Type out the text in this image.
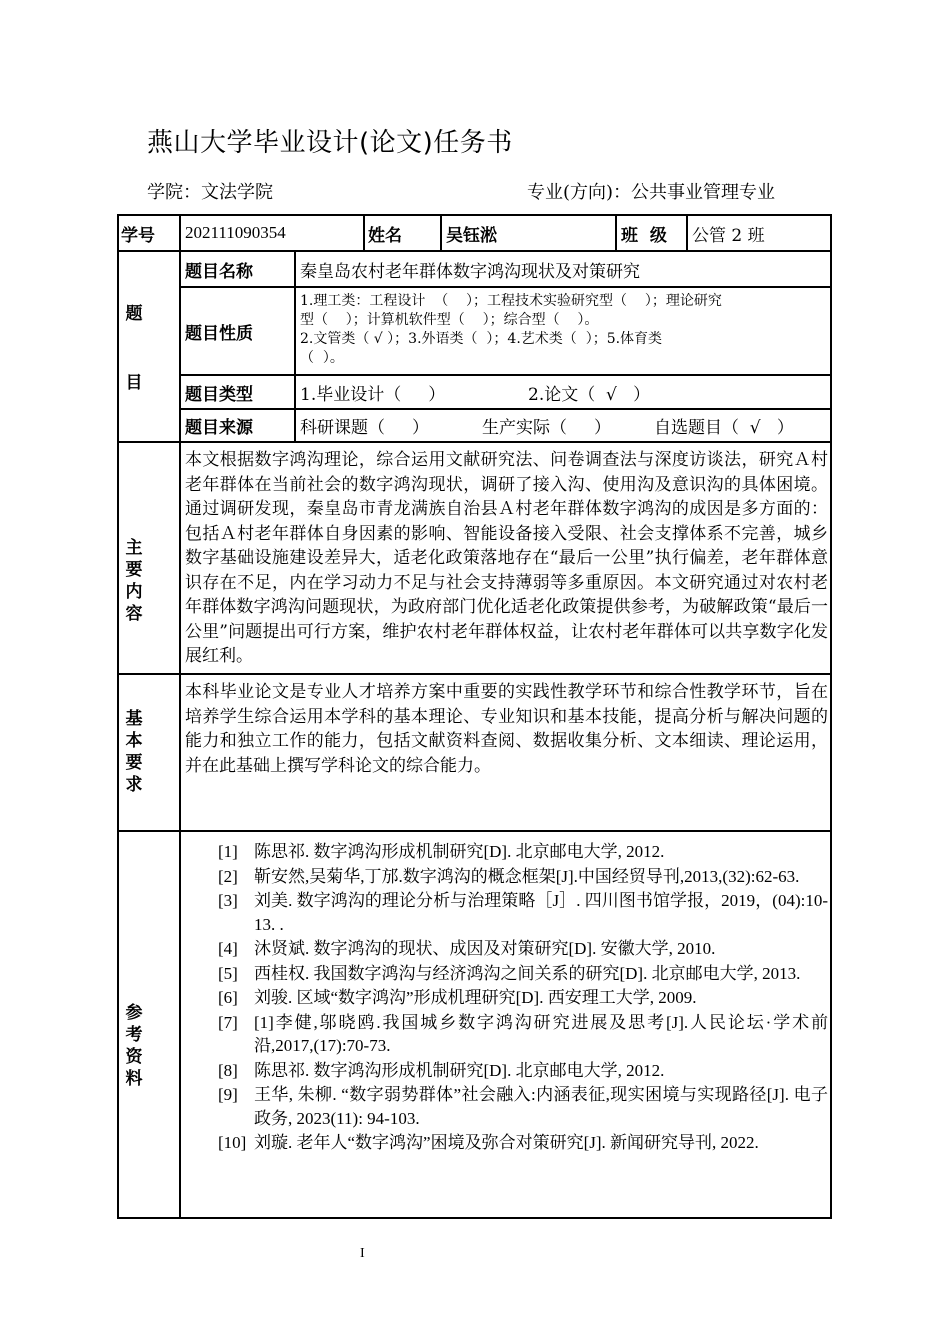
燕山大学毕业设计(论文)任务书
学院：文法学院	专业(方向)：公共事业管理专业
学号 202111090354	姓名	吴钰淞	班  级 公管 2 班
题
目
题目名称	秦皇岛农村老年群体数字鸿沟现状及对策研究
题目性质
1.理工类：工程设计  （    ）；工程技术实验研究型（    ）；理论研究
型（    ）；计算机软件型（    ）；综合型（    ）。
2.文管类（ √ ）；3.外语类（  ）；4.艺术类（  ）；5.体育类
（  ）。
题目类型	1.毕业设计（     ）	2.论文（  √   ）
题目来源	科研课题（     ）	生产实际（     ）	自选题目（  √   ）
主要
内容
本文根据数字鸿沟理论，综合运用文献研究法、问卷调查法与深度访谈法，研究Ａ村老年群体在当前社会的数字鸿沟现状，调研了接入沟、使用沟及意识沟的具体困境。通过调研发现，秦皇岛市青龙满族自治县Ａ村老年群体数字鸿沟的成因是多方面的：包括Ａ村老年群体自身因素的影响、智能设备接入受限、社会支撑体系不完善，城乡数字基础设施建设差异大，适老化政策落地存在“最后一公里”执行偏差，老年群体意识存在不足，内在学习动力不足与社会支持薄弱等多重原因。本文研究通过对农村老年群体数字鸿沟问题现状，为政府部门优化适老化政策提供参考，为破解政策“最后一公里”问题提出可行方案，维护农村老年群体权益，让农村老年群体可以共享数字化发展红利。
基
本
要
求
本科毕业论文是专业人才培养方案中重要的实践性教学环节和综合性教学环节，旨在培养学生综合运用本学科的基本理论、专业知识和基本技能，提高分析与解决问题的能力和独立工作的能力，包括文献资料查阅、数据收集分析、文本细读、理论运用，并在此基础上撰写学科论文的综合能力。
参考
资料
[1] 陈思祁. 数字鸿沟形成机制研究[D]. 北京邮电大学, 2012.
[2] 靳安然,吴菊华,丁邡.数字鸿沟的概念框架[J].中国经贸导刊,2013,(32):62-63.
[3] 刘美. 数字鸿沟的理论分析与治理策略［J］. 四川图书馆学报，2019，(04):10-13. .
[4] 沐贤斌. 数字鸿沟的现状、成因及对策研究[D]. 安徽大学, 2010.
[5] 西桂权. 我国数字鸿沟与经济鸿沟之间关系的研究[D]. 北京邮电大学, 2013.
[6] 刘骏. 区域“数字鸿沟”形成机理研究[D]. 西安理工大学, 2009.
[7] [1]李健,邬晓鸥.我国城乡数字鸿沟研究进展及思考[J].人民论坛·学术前沿,2017,(17):70-73.
[8] 陈思祁. 数字鸿沟形成机制研究[D]. 北京邮电大学, 2012.
[9] 王华, 朱柳. “数字弱势群体”社会融入:内涵表征,现实困境与实现路径[J]. 电子政务, 2023(11): 94-103.
[10] 刘璇. 老年人“数字鸿沟”困境及弥合对策研究[J]. 新闻研究导刊, 2022.
I
